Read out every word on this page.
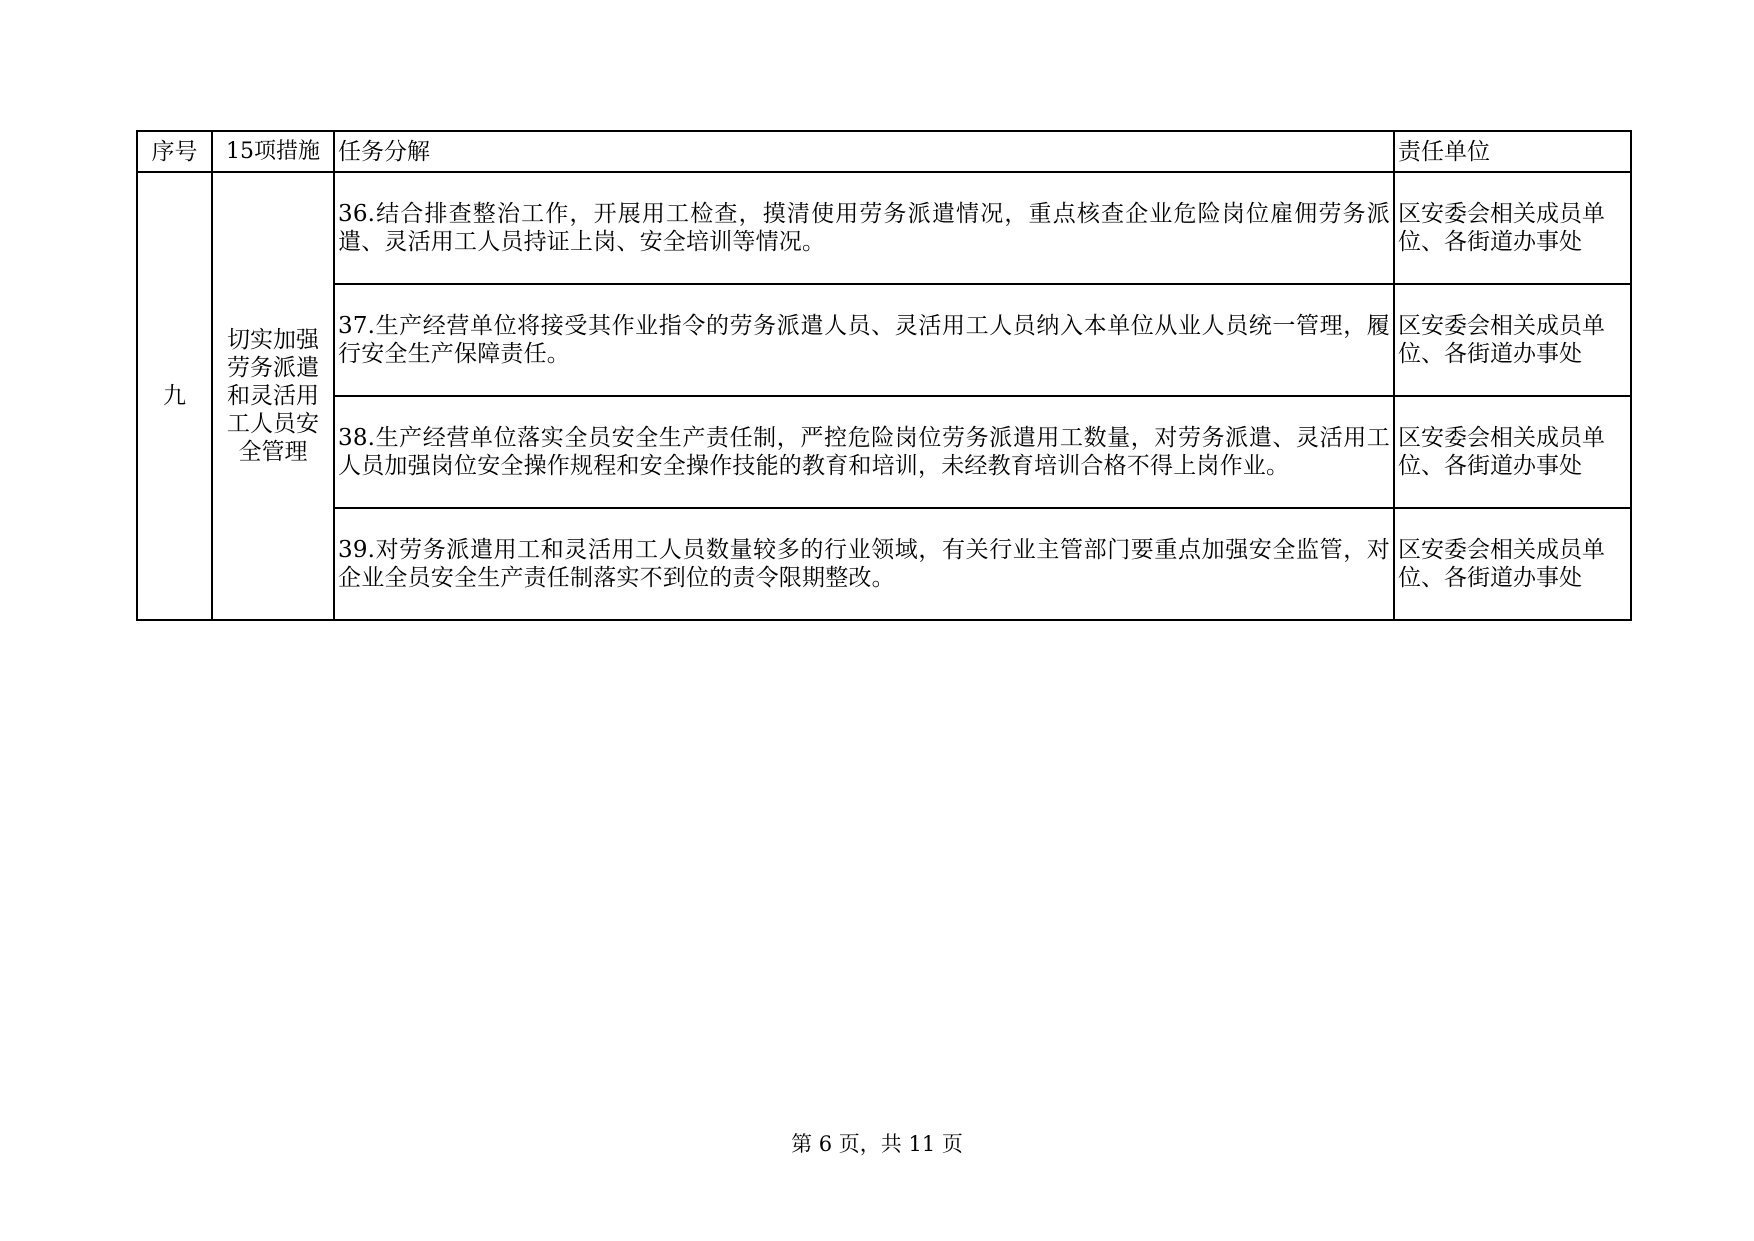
序号	15项措施	任务分解	责任单位
九	切实加强劳务派遣和灵活用工人员安全管理	36.结合排查整治工作，开展用工检查，摸清使用劳务派遣情况，重点核查企业危险岗位雇佣劳务派遣、灵活用工人员持证上岗、安全培训等情况。	区安委会相关成员单位、各街道办事处
		37.生产经营单位将接受其作业指令的劳务派遣人员、灵活用工人员纳入本单位从业人员统一管理，履行安全生产保障责任。	区安委会相关成员单位、各街道办事处
		38.生产经营单位落实全员安全生产责任制，严控危险岗位劳务派遣用工数量，对劳务派遣、灵活用工人员加强岗位安全操作规程和安全操作技能的教育和培训，未经教育培训合格不得上岗作业。	区安委会相关成员单位、各街道办事处
		39.对劳务派遣用工和灵活用工人员数量较多的行业领域，有关行业主管部门要重点加强安全监管，对企业全员安全生产责任制落实不到位的责令限期整改。	区安委会相关成员单位、各街道办事处
第 6 页，共 11 页
